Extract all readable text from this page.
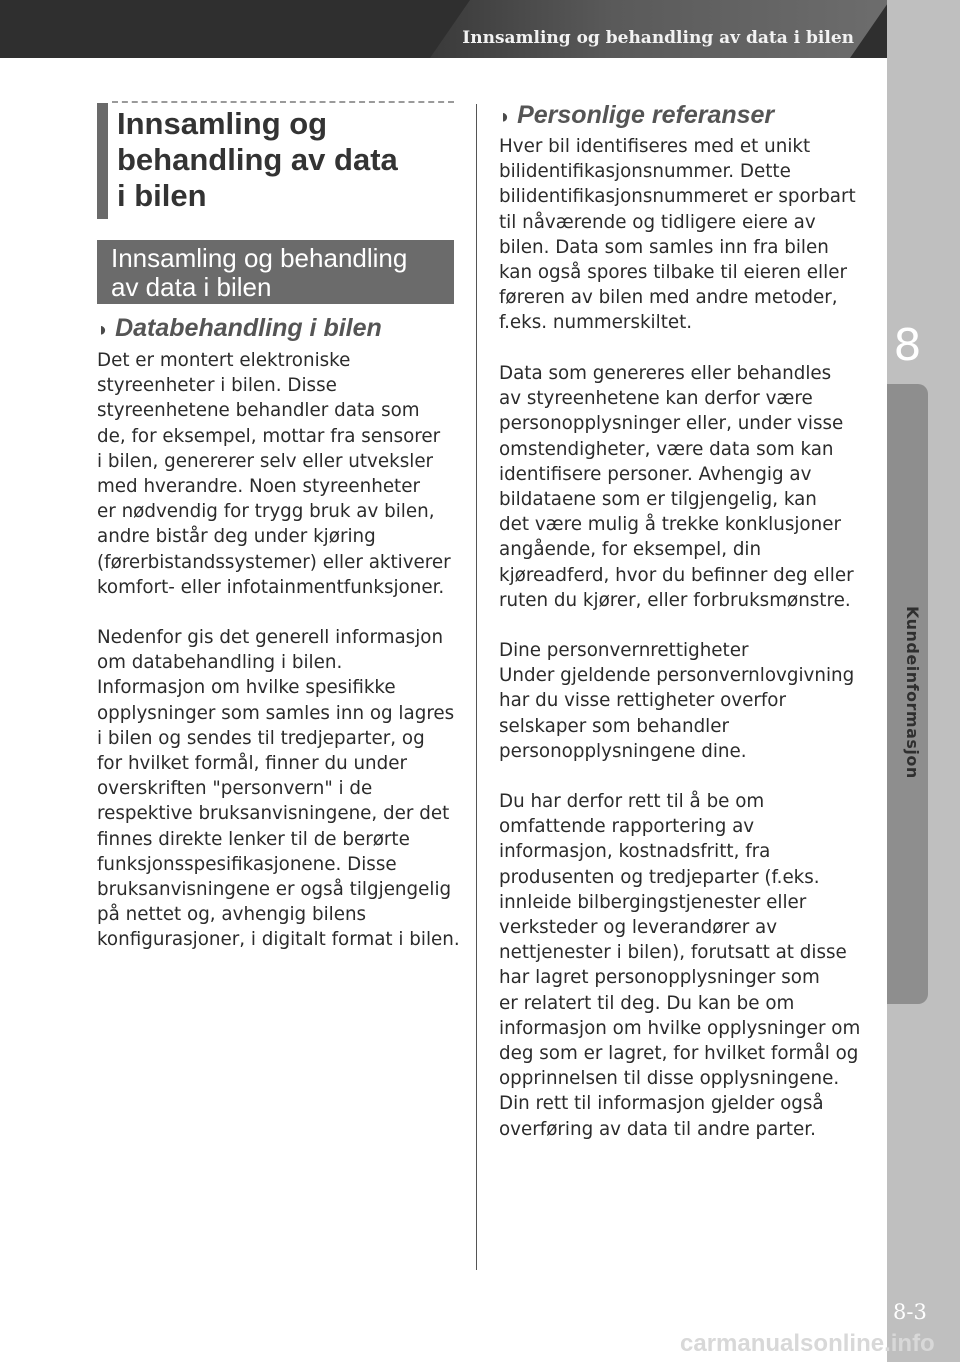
Innsamling og behandling av data i bilen
8
Kundeinformasjon
8-3
Innsamling og
behandling av data
i bilen
Innsamling og behandling
av data i bilen
◗ Databehandling i bilen
Det er montert elektroniske
styreenheter i bilen. Disse
styreenhetene behandler data som
de, for eksempel, mottar fra sensorer
i bilen, genererer selv eller utveksler
med hverandre. Noen styreenheter
er nødvendig for trygg bruk av bilen,
andre bistår deg under kjøring
(førerbistandssystemer) eller aktiverer
komfort- eller infotainmentfunksjoner.
Nedenfor gis det generell informasjon
om databehandling i bilen.
Informasjon om hvilke spesifikke
opplysninger som samles inn og lagres
i bilen og sendes til tredjeparter, og
for hvilket formål, finner du under
overskriften "personvern" i de
respektive bruksanvisningene, der det
finnes direkte lenker til de berørte
funksjonsspesifikasjonene. Disse
bruksanvisningene er også tilgjengelig
på nettet og, avhengig bilens
konfigurasjoner, i digitalt format i bilen.
◗ Personlige referanser
Hver bil identifiseres med et unikt
bilidentifikasjonsnummer. Dette
bilidentifikasjonsnummeret er sporbart
til nåværende og tidligere eiere av
bilen. Data som samles inn fra bilen
kan også spores tilbake til eieren eller
føreren av bilen med andre metoder,
f.eks. nummerskiltet.
Data som genereres eller behandles
av styreenhetene kan derfor være
personopplysninger eller, under visse
omstendigheter, være data som kan
identifisere personer. Avhengig av
bildataene som er tilgjengelig, kan
det være mulig å trekke konklusjoner
angående, for eksempel, din
kjøreadferd, hvor du befinner deg eller
ruten du kjører, eller forbruksmønstre.
Dine personvernrettigheter
Under gjeldende personvernlovgivning
har du visse rettigheter overfor
selskaper som behandler
personopplysningene dine.
Du har derfor rett til å be om
omfattende rapportering av
informasjon, kostnadsfritt, fra
produsenten og tredjeparter (f.eks.
innleide bilbergingstjenester eller
verksteder og leverandører av
nettjenester i bilen), forutsatt at disse
har lagret personopplysninger som
er relatert til deg. Du kan be om
informasjon om hvilke opplysninger om
deg som er lagret, for hvilket formål og
opprinnelsen til disse opplysningene.
Din rett til informasjon gjelder også
overføring av data til andre parter.
carmanualsonline.info
